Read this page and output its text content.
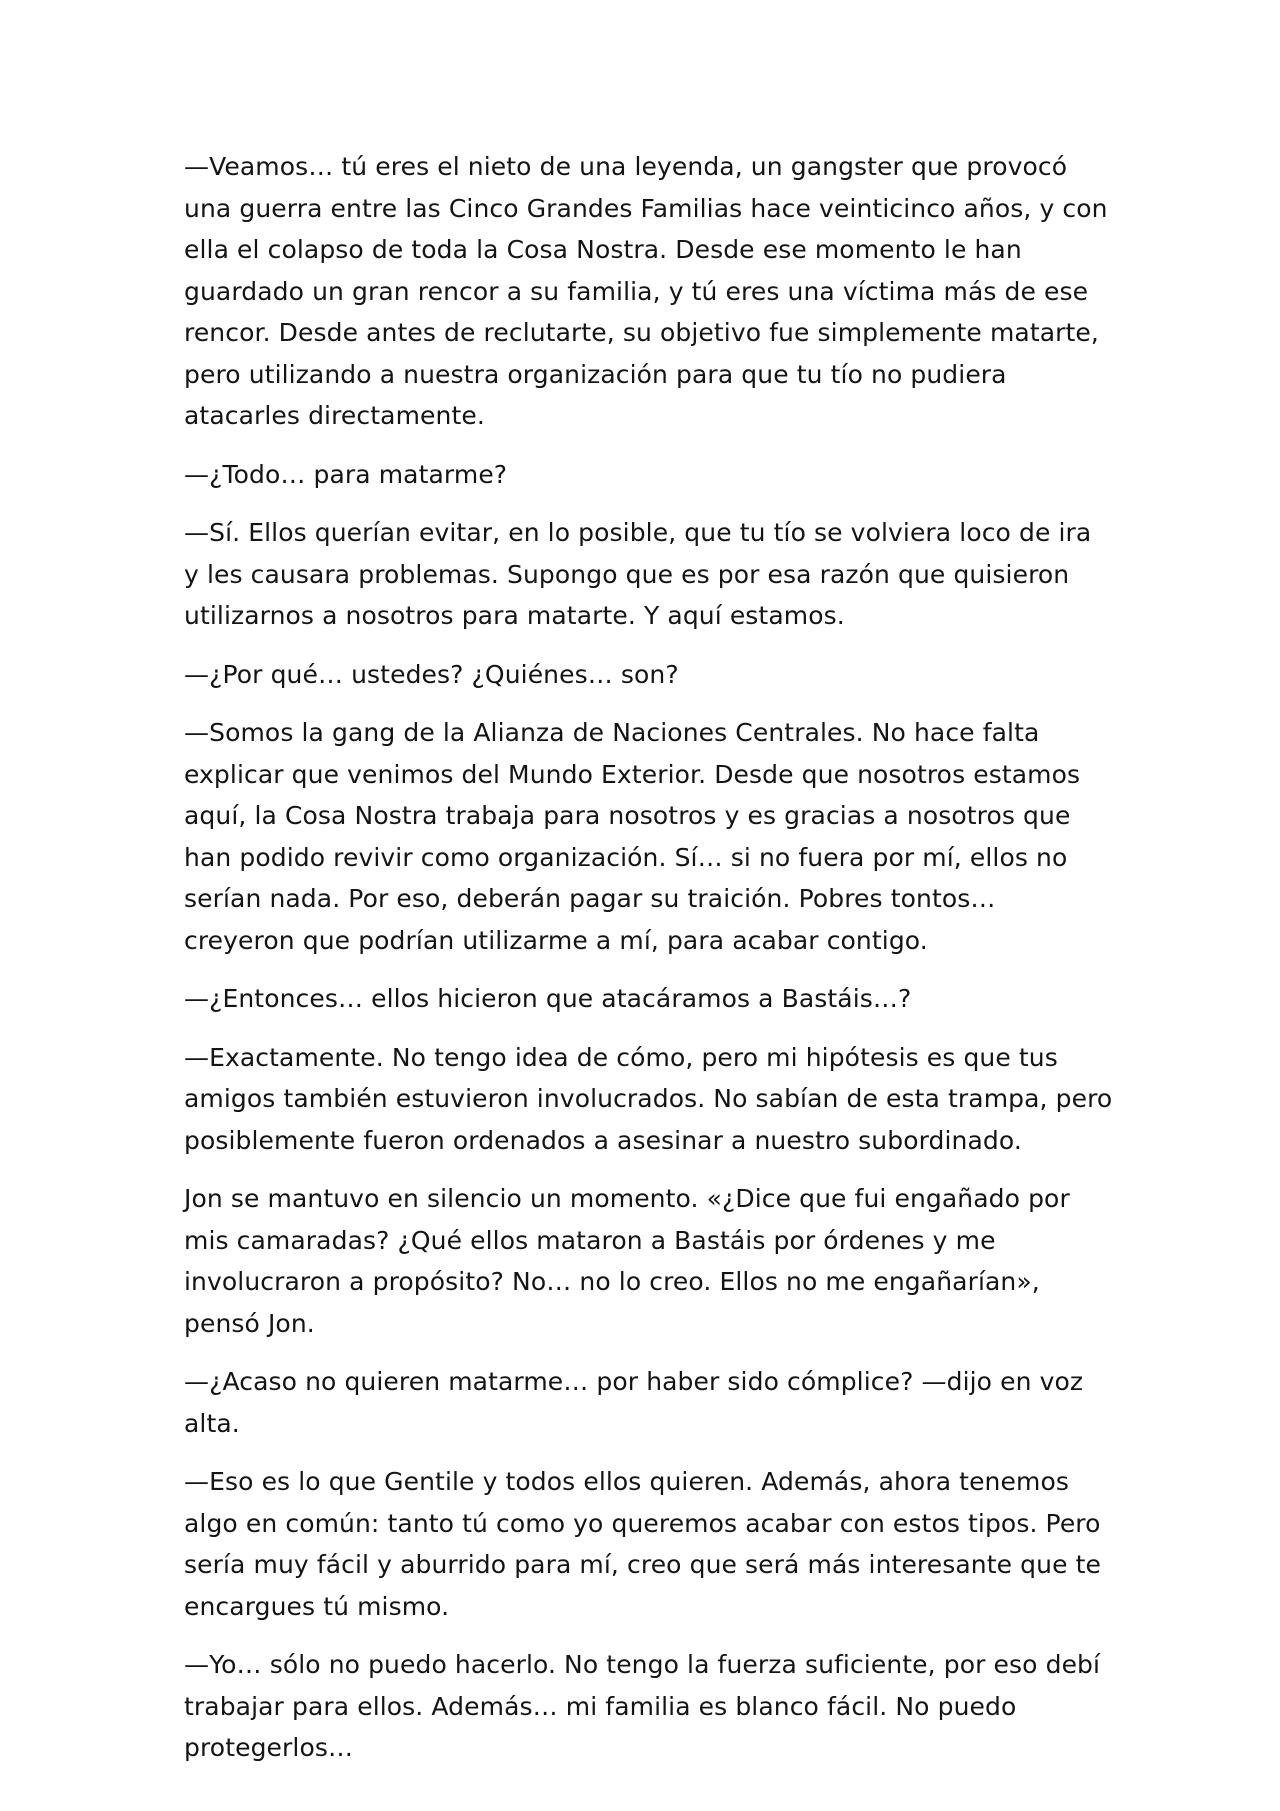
—Veamos… tú eres el nieto de una leyenda, un gangster que provocó una guerra entre las Cinco Grandes Familias hace veinticinco años, y con ella el colapso de toda la Cosa Nostra. Desde ese momento le han guardado un gran rencor a su familia, y tú eres una víctima más de ese rencor. Desde antes de reclutarte, su objetivo fue simplemente matarte, pero utilizando a nuestra organización para que tu tío no pudiera atacarles directamente.

—¿Todo… para matarme?

—Sí. Ellos querían evitar, en lo posible, que tu tío se volviera loco de ira y les causara problemas. Supongo que es por esa razón que quisieron utilizarnos a nosotros para matarte. Y aquí estamos.

—¿Por qué… ustedes? ¿Quiénes… son?

—Somos la gang de la Alianza de Naciones Centrales. No hace falta explicar que venimos del Mundo Exterior. Desde que nosotros estamos aquí, la Cosa Nostra trabaja para nosotros y es gracias a nosotros que han podido revivir como organización. Sí… si no fuera por mí, ellos no serían nada. Por eso, deberán pagar su traición. Pobres tontos… creyeron que podrían utilizarme a mí, para acabar contigo.

—¿Entonces… ellos hicieron que atacáramos a Bastáis…?

—Exactamente. No tengo idea de cómo, pero mi hipótesis es que tus amigos también estuvieron involucrados. No sabían de esta trampa, pero posiblemente fueron ordenados a asesinar a nuestro subordinado.

Jon se mantuvo en silencio un momento. «¿Dice que fui engañado por mis camaradas? ¿Qué ellos mataron a Bastáis por órdenes y me involucraron a propósito? No… no lo creo. Ellos no me engañarían», pensó Jon.

—¿Acaso no quieren matarme… por haber sido cómplice? —dijo en voz alta.

—Eso es lo que Gentile y todos ellos quieren. Además, ahora tenemos algo en común: tanto tú como yo queremos acabar con estos tipos. Pero sería muy fácil y aburrido para mí, creo que será más interesante que te encargues tú mismo.

—Yo… sólo no puedo hacerlo. No tengo la fuerza suficiente, por eso debí trabajar para ellos. Además… mi familia es blanco fácil. No puedo protegerlos…
